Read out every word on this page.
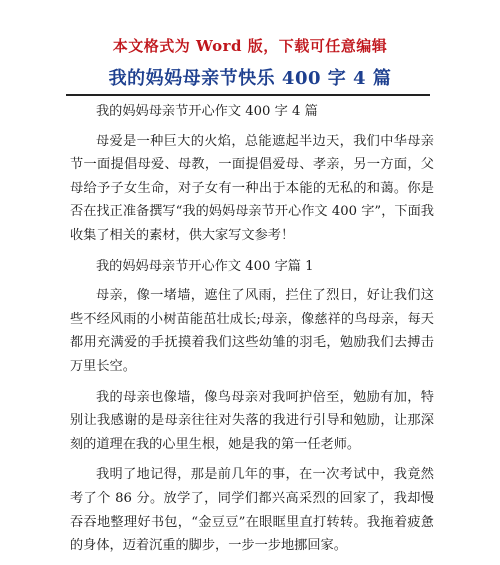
本文格式为 Word 版，下载可任意编辑
我的妈妈母亲节快乐 400 字 4 篇

我的妈妈母亲节开心作文 400 字 4 篇

母爱是一种巨大的火焰，总能遮起半边天，我们中华母亲节一面提倡母爱、母教，一面提倡爱母、孝亲，另一方面，父母给予子女生命，对子女有一种出于本能的无私的和蔼。你是否在找正准备撰写“我的妈妈母亲节开心作文 400 字”，下面我收集了相关的素材，供大家写文参考！

我的妈妈母亲节开心作文 400 字篇 1

母亲，像一堵墙，遮住了风雨，拦住了烈日，好让我们这些不经风雨的小树苗能茁壮成长;母亲，像慈祥的鸟母亲，每天都用充满爱的手抚摸着我们这些幼雏的羽毛，勉励我们去搏击万里长空。

我的母亲也像墙，像鸟母亲对我呵护倍至，勉励有加，特别让我感谢的是母亲往往对失落的我进行引导和勉励，让那深刻的道理在我的心里生根，她是我的第一任老师。

我明了地记得，那是前几年的事，在一次考试中，我竟然考了个 86 分。放学了，同学们都兴高采烈的回家了，我却慢吞吞地整理好书包，“金豆豆”在眼眶里直打转转。我拖着疲惫的身体，迈着沉重的脚步，一步一步地挪回家。
